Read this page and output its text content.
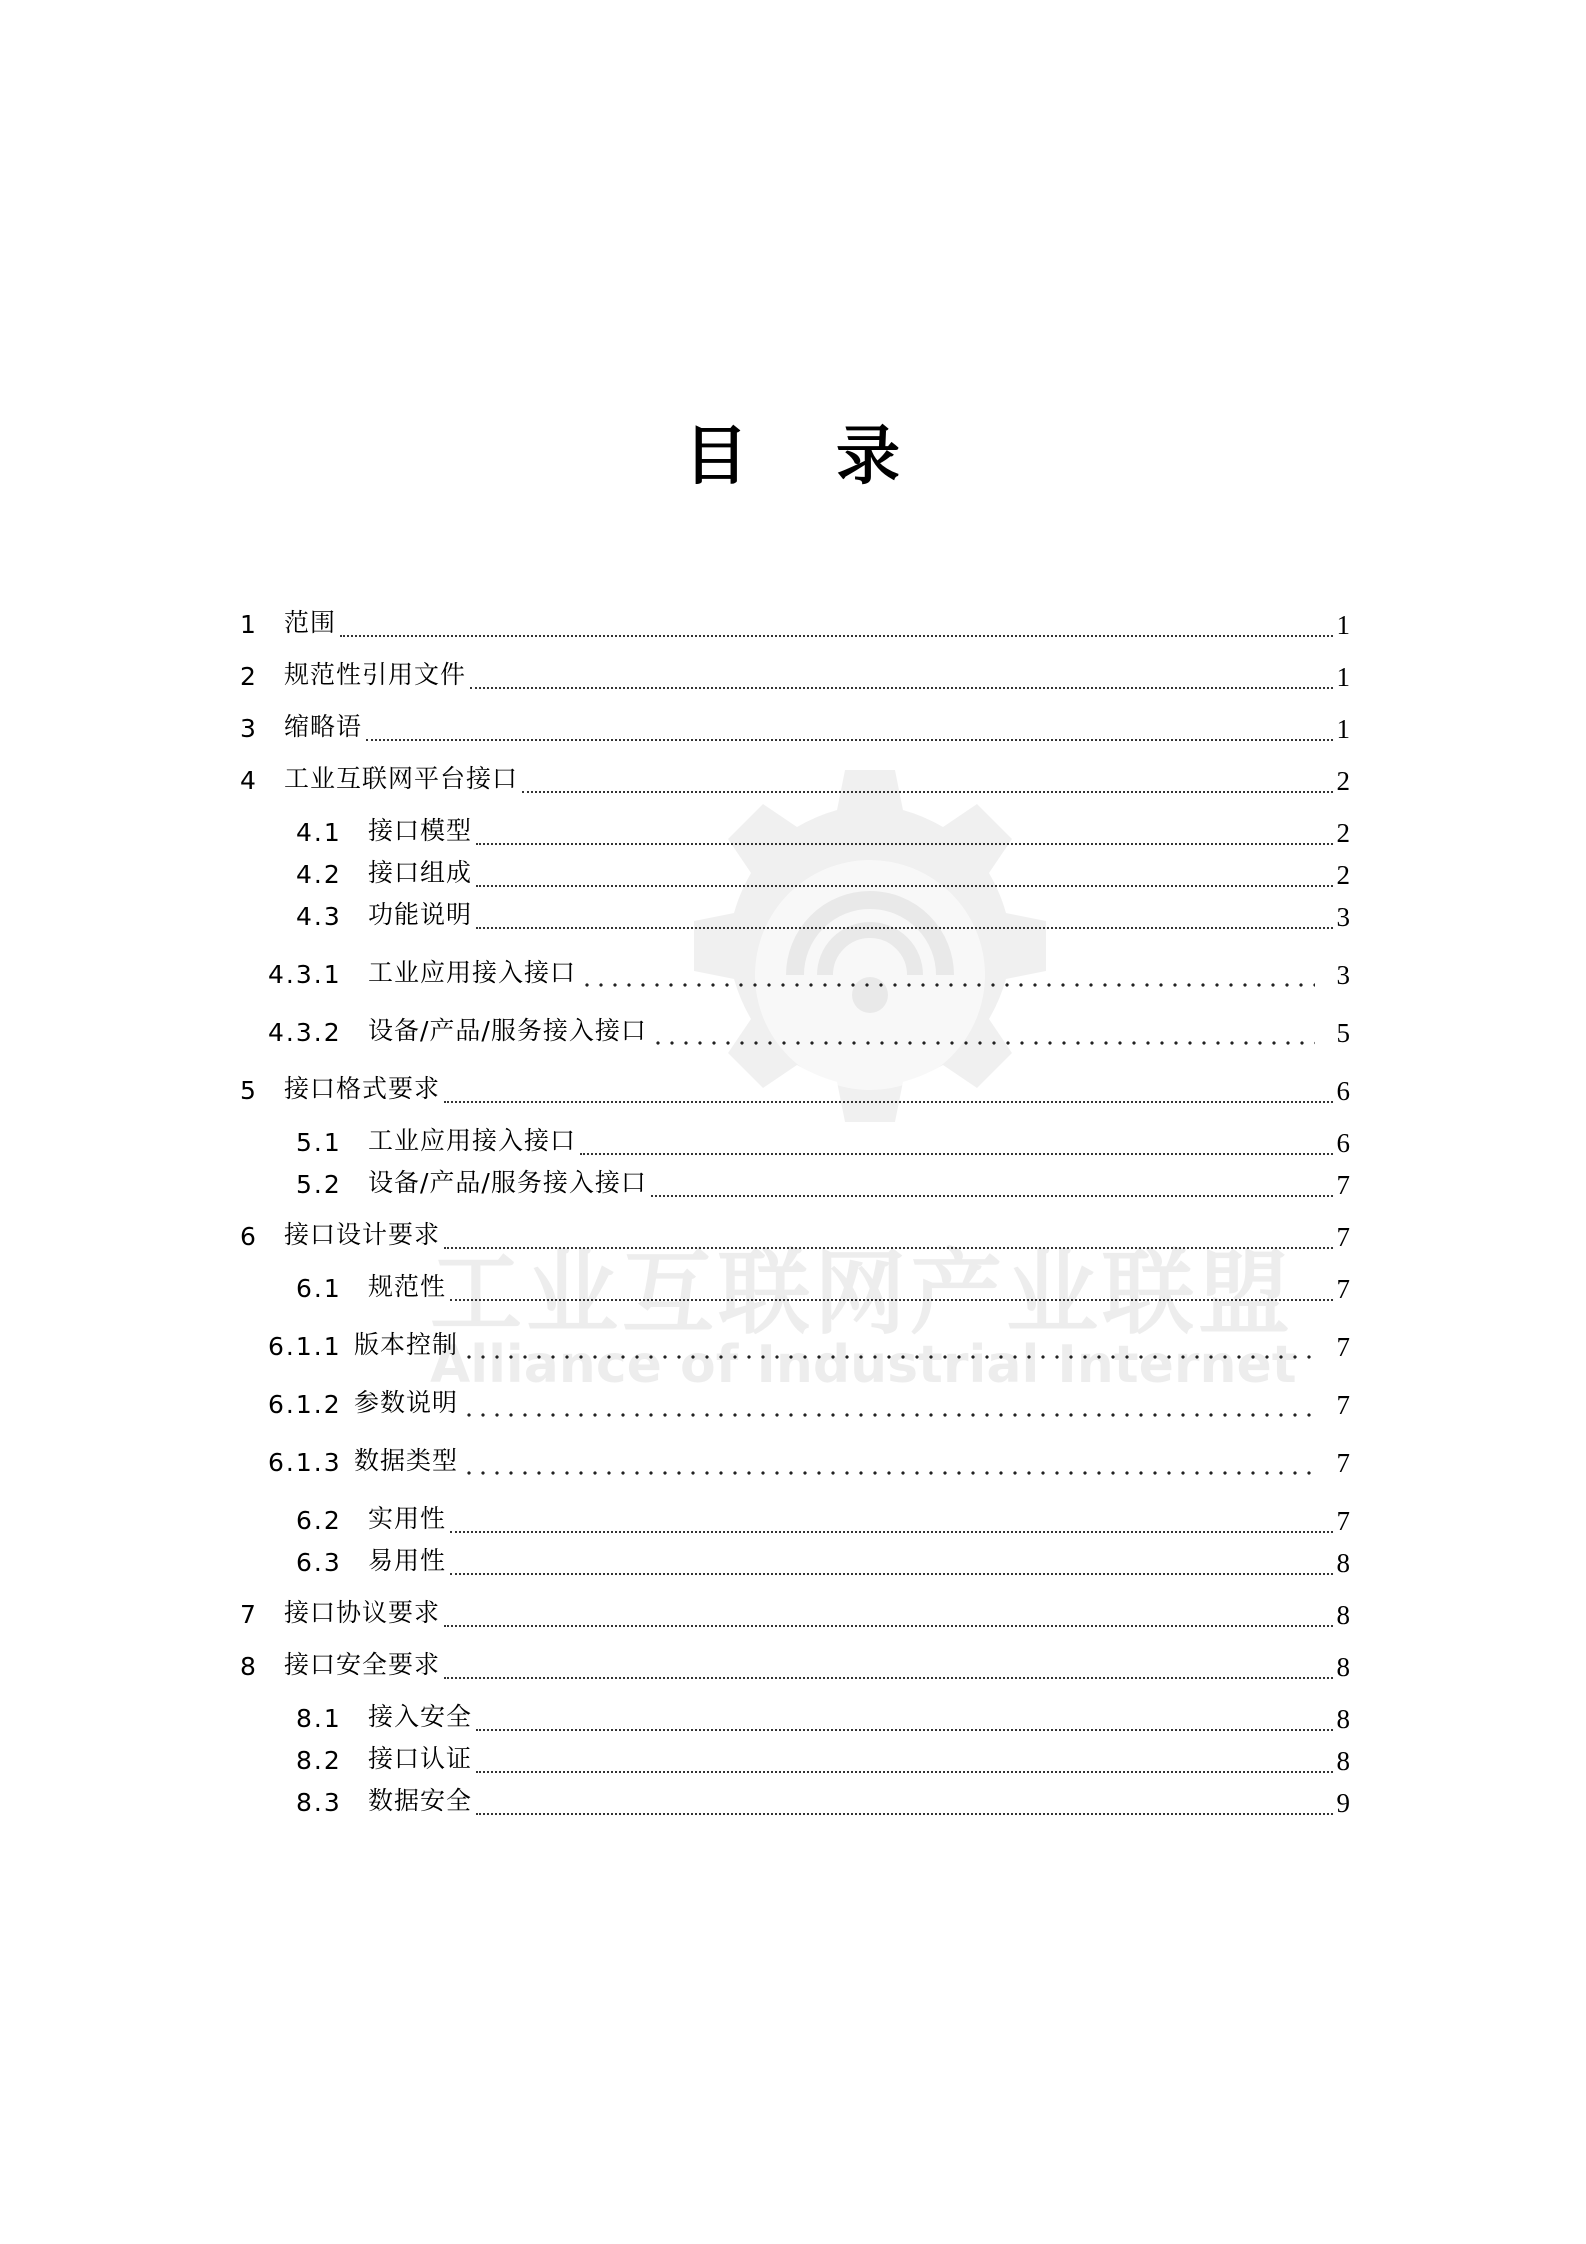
工业互联网产业联盟
Alliance of Industrial Internet
目 录
1 范围	1
2 规范性引用文件	1
3 缩略语	1
4 工业互联网平台接口	2
4.1 接口模型	2
4.2 接口组成	2
4.3 功能说明	3
4.3.1 工业应用接入接口	3
4.3.2 设备/产品/服务接入接口	5
5 接口格式要求	6
5.1 工业应用接入接口	6
5.2 设备/产品/服务接入接口	7
6 接口设计要求	7
6.1 规范性	7
6.1.1 版本控制	7
6.1.2 参数说明	7
6.1.3 数据类型	7
6.2 实用性	7
6.3 易用性	8
7 接口协议要求	8
8 接口安全要求	8
8.1 接入安全	8
8.2 接口认证	8
8.3 数据安全	9
